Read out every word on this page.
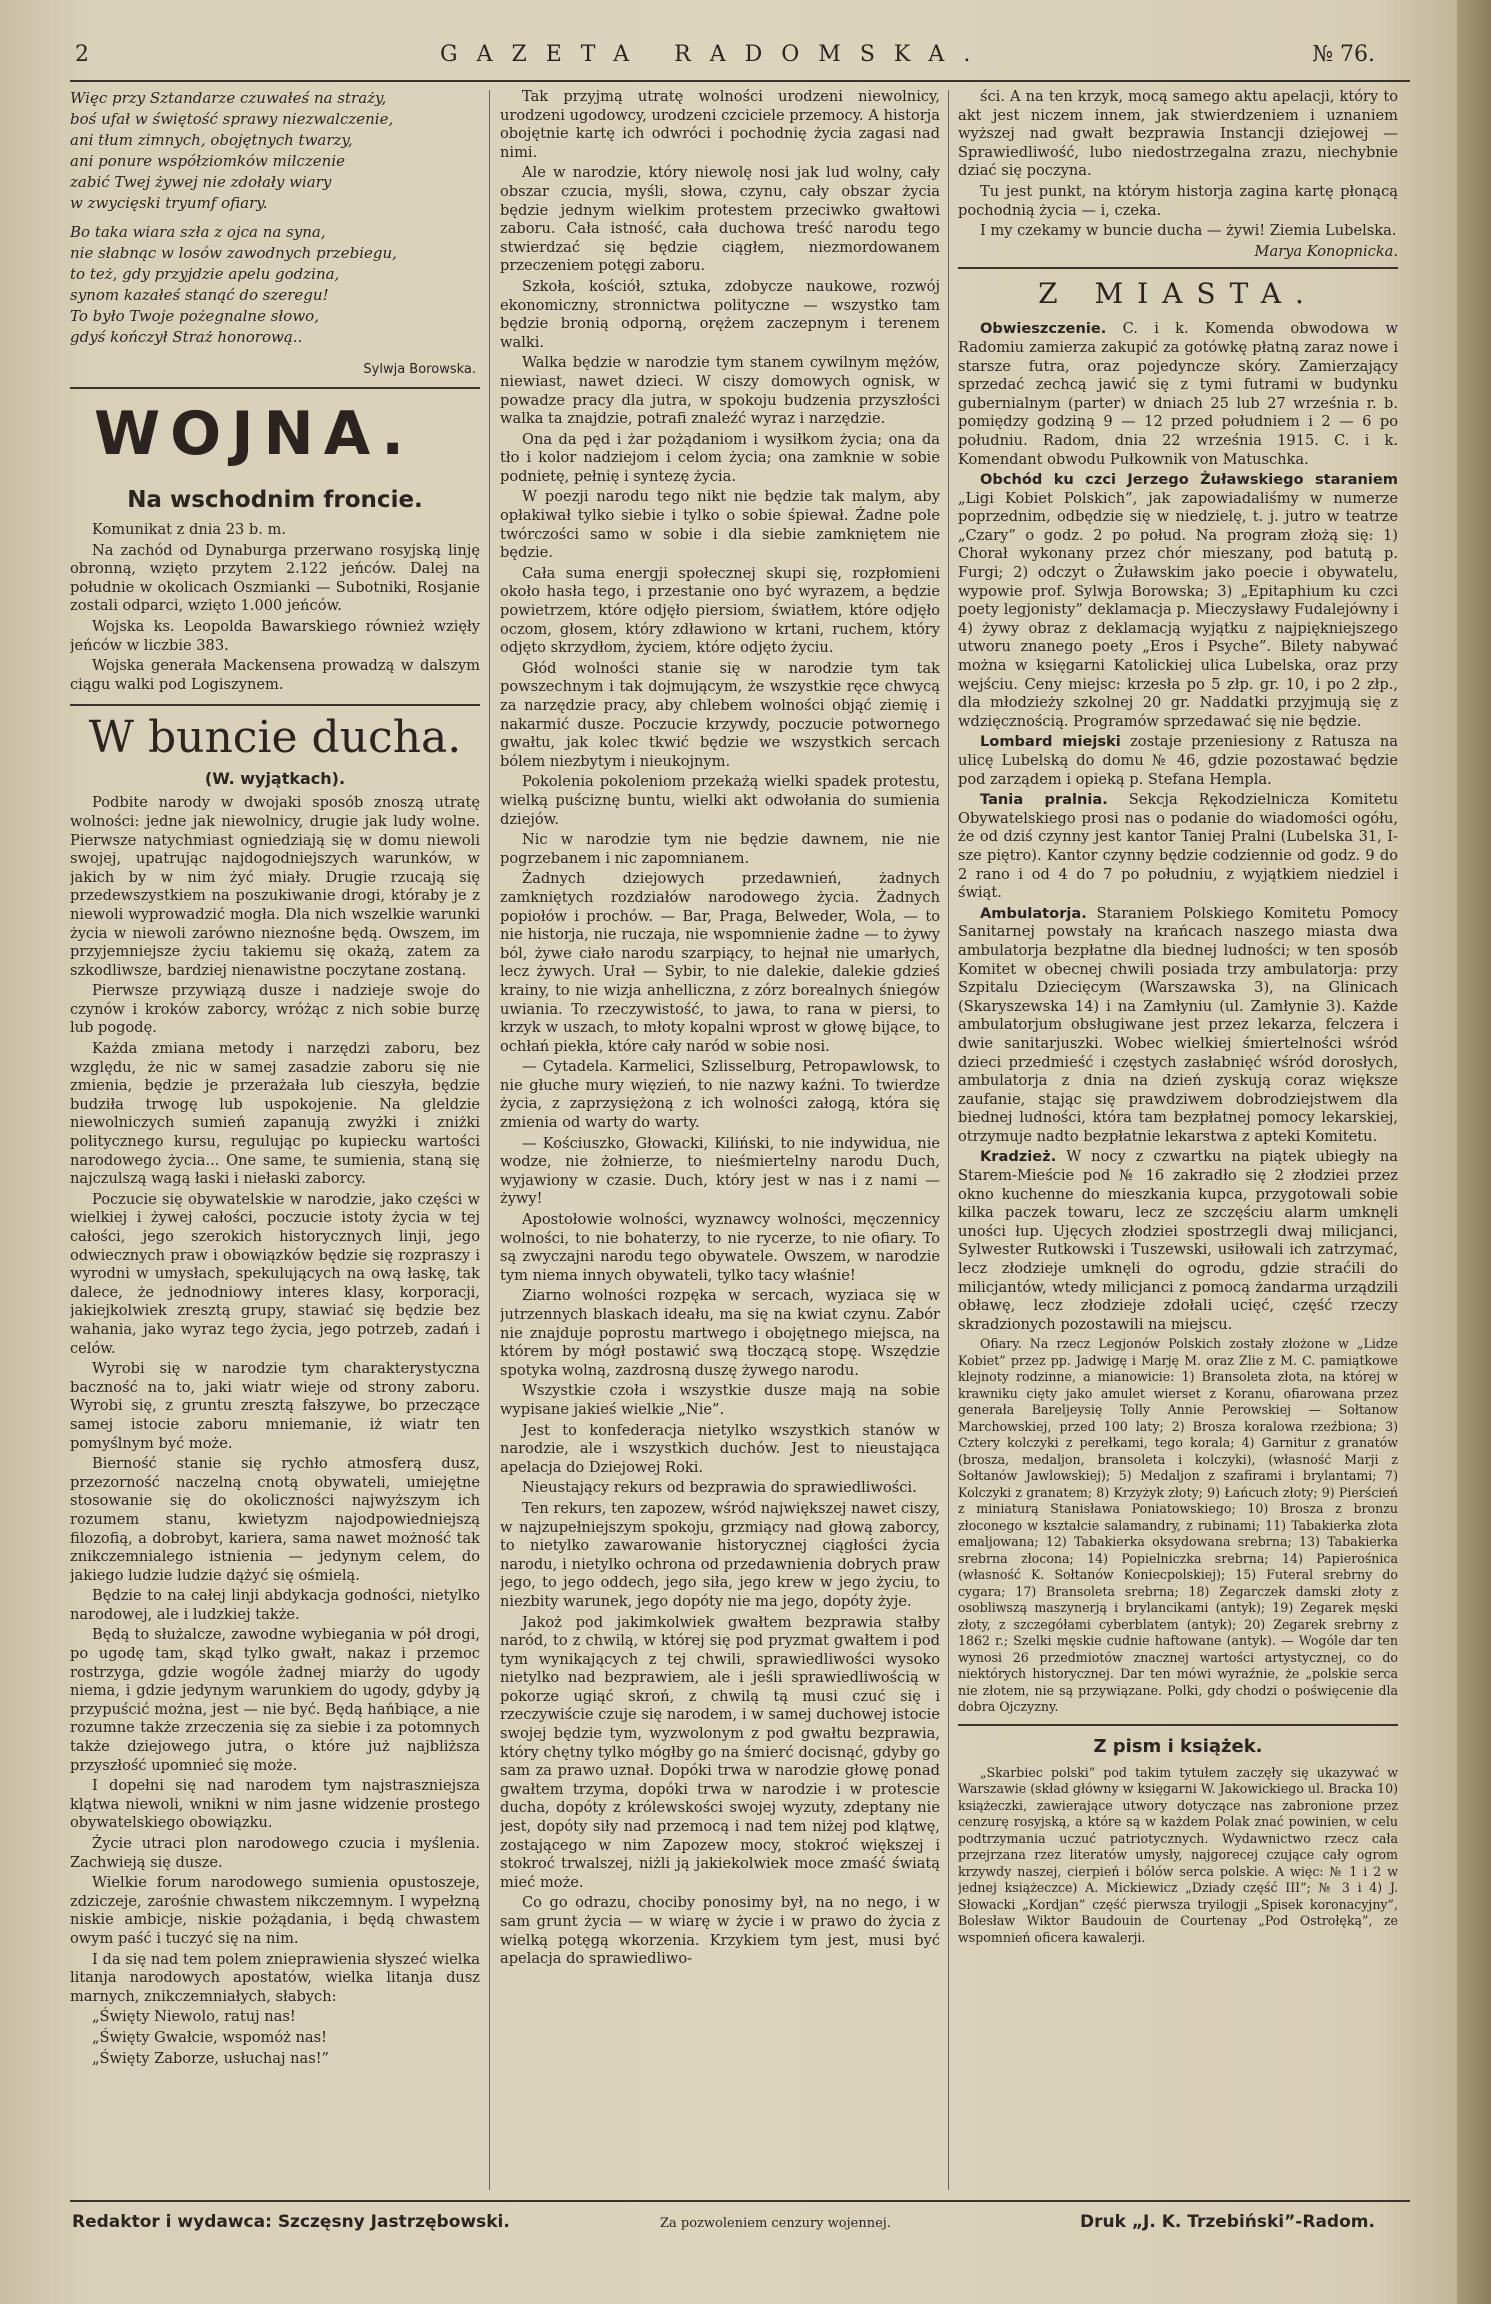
2	GAZETA RADOMSKA.	№ 76.
Więc przy Sztandarze czuwałeś na straży,
boś ufał w świętość sprawy niezwalczenie,
ani tłum zimnych, obojętnych twarzy,
ani ponure współziomków milczenie
zabić Twej żywej nie zdołały wiary
w zwycięski tryumf ofiary.
Bo taka wiara szła z ojca na syna,
nie słabnąc w losów zawodnych przebiegu,
to też, gdy przyjdzie apelu godzina,
synom kazałeś stanąć do szeregu!
To było Twoje pożegnalne słowo,
gdyś kończył Straż honorową..
Sylwja Borowska.
WOJNA.
Na wschodnim froncie.

Komunikat z dnia 23 b. m.

Na zachód od Dynaburga przerwano rosyjską linję obronną, wzięto przytem 2.122 jeńców. Dalej na południe w okolicach Oszmianki — Subotniki, Rosjanie zostali odparci, wzięto 1.000 jeńców.

Wojska ks. Leopolda Bawarskiego również wzięły jeńców w liczbie 383.

Wojska generała Mackensena prowadzą w dalszym ciągu walki pod Logiszynem.

W buncie ducha.
(W. wyjątkach).

Podbite narody w dwojaki sposób znoszą utratę wolności: jedne jak niewolnicy, drugie jak ludy wolne. Pierwsze natychmiast ogniedziają się w domu niewoli swojej, upatrując najdogodniejszych warunków, w jakich by w nim żyć miały. Drugie rzucają się przedewszystkiem na poszukiwanie drogi, któraby je z niewoli wyprowadzić mogła. Dla nich wszelkie warunki życia w niewoli zarówno nieznośne będą. Owszem, im przyjemniejsze życiu takiemu się okażą, zatem za szkodliwsze, bardziej nienawistne poczytane zostaną.

Pierwsze przywiązą dusze i nadzieje swoje do czynów i kroków zaborcy, wróżąc z nich sobie burzę lub pogodę.

Każda zmiana metody i narzędzi zaboru, bez względu, że nic w samej zasadzie zaboru się nie zmienia, będzie je przerażała lub cieszyła, będzie budziła trwogę lub uspokojenie. Na gleldzie niewolniczych sumień zapanują zwyżki i zniżki politycznego kursu, regulując po kupiecku wartości narodowego życia... One same, te sumienia, staną się najczulszą wagą łaski i niełaski zaborcy.

Poczucie się obywatelskie w narodzie, jako części w wielkiej i żywej całości, poczucie istoty życia w tej całości, jego szerokich historycznych linji, jego odwiecznych praw i obowiązków będzie się rozpraszy i wyrodni w umysłach, spekulujących na ową łaskę, tak dalece, że jednodniowy interes klasy, korporacji, jakiejkolwiek zresztą grupy, stawiać się będzie bez wahania, jako wyraz tego życia, jego potrzeb, zadań i celów.

Wyrobi się w narodzie tym charakterystyczna baczność na to, jaki wiatr wieje od strony zaboru. Wyrobi się, z gruntu zresztą fałszywe, bo przeczące samej istocie zaboru mniemanie, iż wiatr ten pomyślnym być może.

Bierność stanie się rychło atmosferą dusz, przezorność naczelną cnotą obywateli, umiejętne stosowanie się do okoliczności najwyższym ich rozumem stanu, kwietyzm najodpowiedniejszą filozofią, a dobrobyt, kariera, sama nawet możność tak znikczemnialego istnienia — jedynym celem, do jakiego ludzie ludzie dążyć się ośmielą.

Będzie to na całej linji abdykacja godności, nietylko narodowej, ale i ludzkiej także.

Będą to służalcze, zawodne wybiegania w pół drogi, po ugodę tam, skąd tylko gwałt, nakaz i przemoc rostrzyga, gdzie wogóle żadnej miarży do ugody niema, i gdzie jedynym warunkiem do ugody, gdyby ją przypuścić można, jest — nie być. Będą hańbiące, a nie rozumne także zrzeczenia się za siebie i za potomnych także dziejowego jutra, o które już najbliższa przyszłość upomnieć się może.

I dopełni się nad narodem tym najstraszniejsza klątwa niewoli, wnikni w nim jasne widzenie prostego obywatelskiego obowiązku.

Życie utraci plon narodowego czucia i myślenia. Zachwieją się dusze.

Wielkie forum narodowego sumienia opustoszeje, zdziczeje, zarośnie chwastem nikczemnym. I wypełzną niskie ambicje, niskie pożądania, i będą chwastem owym paść i tuczyć się na nim.

I da się nad tem polem znieprawienia słyszeć wielka litanja narodowych apostatów, wielka litanja dusz marnych, znikczemniałych, słabych:

„Święty Niewolo, ratuj nas!

„Święty Gwałcie, wspomóż nas!

„Święty Zaborze, usłuchaj nas!”

Tak przyjmą utratę wolności urodzeni niewolnicy, urodzeni ugodowcy, urodzeni czciciele przemocy. A historja obojętnie kartę ich odwróci i pochodnię życia zagasi nad nimi.

Ale w narodzie, który niewolę nosi jak lud wolny, cały obszar czucia, myśli, słowa, czynu, cały obszar życia będzie jednym wielkim protestem przeciwko gwałtowi zaboru. Cała istność, cała duchowa treść narodu tego stwierdzać się będzie ciągłem, niezmordowanem przeczeniem potęgi zaboru.

Szkoła, kościół, sztuka, zdobycze naukowe, rozwój ekonomiczny, stronnictwa polityczne — wszystko tam będzie bronią odporną, orężem zaczepnym i terenem walki.

Walka będzie w narodzie tym stanem cywilnym mężów, niewiast, nawet dzieci. W ciszy domowych ognisk, w powadze pracy dla jutra, w spokoju budzenia przyszłości walka ta znajdzie, potrafi znaleźć wyraz i narzędzie.

Ona da pęd i żar pożądaniom i wysiłkom życia; ona da tło i kolor nadziejom i celom życia; ona zamknie w sobie podnietę, pełnię i syntezę życia.

W poezji narodu tego nikt nie będzie tak malym, aby opłakiwał tylko siebie i tylko o sobie śpiewał. Żadne pole twórczości samo w sobie i dla siebie zamkniętem nie będzie.

Cała suma energji społecznej skupi się, rozpłomieni około hasła tego, i przestanie ono być wyrazem, a będzie powietrzem, które odjęło piersiom, światłem, które odjęło oczom, głosem, który zdławiono w krtani, ruchem, który odjęto skrzydłom, życiem, które odjęto życiu.

Głód wolności stanie się w narodzie tym tak powszechnym i tak dojmującym, że wszystkie ręce chwycą za narzędzie pracy, aby chlebem wolności objąć ziemię i nakarmić dusze. Poczucie krzywdy, poczucie potwornego gwałtu, jak kolec tkwić będzie we wszystkich sercach bólem niezbytym i nieukojnym.

Pokolenia pokoleniom przekażą wielki spadek protestu, wielką puściznę buntu, wielki akt odwołania do sumienia dziejów.

Nic w narodzie tym nie będzie dawnem, nie nie pogrzebanem i nic zapomnianem.

Żadnych dziejowych przedawnień, żadnych zamkniętych rozdziałów narodowego życia. Żadnych popiołów i prochów. — Bar, Praga, Belweder, Wola, — to nie historja, nie ruczaja, nie wspomnienie żadne — to żywy ból, żywe ciało narodu szarpiący, to hejnał nie umarłych, lecz żywych. Urał — Sybir, to nie dalekie, dalekie gdzieś krainy, to nie wizja anhelliczna, z zórz borealnych śniegów uwiania. To rzeczywistość, to jawa, to rana w piersi, to krzyk w uszach, to młoty kopalni wprost w głowę bijące, to ochłań piekła, które cały naród w sobie nosi.

— Cytadela. Karmelici, Szlisselburg, Petropawlowsk, to nie głuche mury więzień, to nie nazwy kaźni. To twierdze życia, z zaprzysiężoną z ich wolności załogą, która się zmienia od warty do warty.

— Kościuszko, Głowacki, Kiliński, to nie indywidua, nie wodze, nie żołnierze, to nieśmiertelny narodu Duch, wyjawiony w czasie. Duch, który jest w nas i z nami — żywy!

Apostołowie wolności, wyznawcy wolności, męczennicy wolności, to nie bohaterzy, to nie rycerze, to nie ofiary. To są zwyczajni narodu tego obywatele. Owszem, w narodzie tym niema innych obywateli, tylko tacy właśnie!

Ziarno wolności rozpęka w sercach, wyziaca się w jutrzennych blaskach ideału, ma się na kwiat czynu. Zabór nie znajduje poprostu martwego i obojętnego miejsca, na którem by mógł postawić swą tłoczącą stopę. Wszędzie spotyka wolną, zazdrosną duszę żywego narodu.

Wszystkie czoła i wszystkie dusze mają na sobie wypisane jakieś wielkie „Nie”.

Jest to konfederacja nietylko wszystkich stanów w narodzie, ale i wszystkich duchów. Jest to nieustająca apelacja do Dziejowej Roki.

Nieustający rekurs od bezprawia do sprawiedliwości.

Ten rekurs, ten zapozew, wśród największej nawet ciszy, w najzupełniejszym spokoju, grzmiący nad głową zaborcy, to nietylko zawarowanie historycznej ciągłości życia narodu, i nietylko ochrona od przedawnienia dobrych praw jego, to jego oddech, jego siła, jego krew w jego życiu, to niezbity warunek, jego dopóty nie ma jego, dopóty żyje.

Jakoż pod jakimkolwiek gwałtem bezprawia stałby naród, to z chwilą, w której się pod pryzmat gwałtem i pod tym wynikających z tej chwili, sprawiedliwości wysoko nietylko nad bezprawiem, ale i jeśli sprawiedliwością w pokorze ugiąć skroń, z chwilą tą musi czuć się i rzeczywiście czuje się narodem, i w samej duchowej istocie swojej będzie tym, wyzwolonym z pod gwałtu bezprawia, który chętny tylko mógłby go na śmierć docisnąć, gdyby go sam za prawo uznał. Dopóki trwa w narodzie głowę ponad gwałtem trzyma, dopóki trwa w narodzie i w protescie ducha, dopóty z królewskości swojej wyzuty, zdeptany nie jest, dopóty siły nad przemocą i nad tem niżej pod klątwę, zostającego w nim Zapozew mocy, stokroć większej i stokroć trwalszej, niżli ją jakiekolwiek moce zmaść światą mieć może.

Co go odrazu, chociby ponosimy był, na no nego, i w sam grunt życia — w wiarę w życie i w prawo do życia z wielką potęgą wkorzenia. Krzykiem tym jest, musi być apelacja do sprawiedliwo-

ści. A na ten krzyk, mocą samego aktu apelacji, który to akt jest niczem innem, jak stwierdzeniem i uznaniem wyższej nad gwałt bezprawia Instancji dziejowej — Sprawiedliwość, lubo niedostrzegalna zrazu, niechybnie dziać się poczyna.

Tu jest punkt, na którym historja zagina kartę płonącą pochodnią życia — i, czeka.

I my czekamy w buncie ducha — żywi! Ziemia Lubelska.

Marya Konopnicka.

Z MIASTA.

Obwieszczenie. C. i k. Komenda obwodowa w Radomiu zamierza zakupić za gotówkę płatną zaraz nowe i starsze futra, oraz pojedyncze skóry. Zamierzający sprzedać zechcą jawić się z tymi futrami w budynku gubernialnym (parter) w dniach 25 lub 27 września r. b. pomiędzy godziną 9 — 12 przed południem i 2 — 6 po południu. Radom, dnia 22 września 1915. C. i k. Komendant obwodu Pułkownik von Matuschka.

Obchód ku czci Jerzego Żuławskiego staraniem „Ligi Kobiet Polskich”, jak zapowiadaliśmy w numerze poprzednim, odbędzie się w niedzielę, t. j. jutro w teatrze „Czary” o godz. 2 po połud. Na program złożą się: 1) Chorał wykonany przez chór mieszany, pod batutą p. Furgi; 2) odczyt o Żuławskim jako poecie i obywatelu, wypowie prof. Sylwja Borowska; 3) „Epitaphium ku czci poety legjonisty” deklamacja p. Mieczysławy Fudalejówny i 4) żywy obraz z deklamacją wyjątku z najpiękniejszego utworu znanego poety „Eros i Psyche”. Bilety nabywać można w księgarni Katolickiej ulica Lubelska, oraz przy wejściu. Ceny miejsc: krzesła po 5 złp. gr. 10, i po 2 złp., dla młodzieży szkolnej 20 gr. Naddatki przyjmują się z wdzięcznością. Programów sprzedawać się nie będzie.

Lombard miejski zostaje przeniesiony z Ratusza na ulicę Lubelską do domu № 46, gdzie pozostawać będzie pod zarządem i opieką p. Stefana Hempla.

Tania pralnia. Sekcja Rękodzielnicza Komitetu Obywatelskiego prosi nas o podanie do wiadomości ogółu, że od dziś czynny jest kantor Taniej Pralni (Lubelska 31, I-sze piętro). Kantor czynny będzie codziennie od godz. 9 do 2 rano i od 4 do 7 po południu, z wyjątkiem niedziel i świąt.

Ambulatorja. Staraniem Polskiego Komitetu Pomocy Sanitarnej powstały na krańcach naszego miasta dwa ambulatorja bezpłatne dla biednej ludności; w ten sposób Komitet w obecnej chwili posiada trzy ambulatorja: przy Szpitalu Dziecięcym (Warszawska 3), na Glinicach (Skaryszewska 14) i na Zamłyniu (ul. Zamłynie 3). Każde ambulatorjum obsługiwane jest przez lekarza, felczera i dwie sanitarjuszki. Wobec wielkiej śmiertelności wśród dzieci przedmieść i częstych zasłabnięć wśród dorosłych, ambulatorja z dnia na dzień zyskują coraz większe zaufanie, stając się prawdziwem dobrodziejstwem dla biednej ludności, która tam bezpłatnej pomocy lekarskiej, otrzymuje nadto bezpłatnie lekarstwa z apteki Komitetu.

Kradzież. W nocy z czwartku na piątek ubiegły na Starem-Mieście pod № 16 zakradło się 2 złodziei przez okno kuchenne do mieszkania kupca, przygotowali sobie kilka paczek towaru, lecz ze szczęściu alarm umknęli uności łup. Ujęcych złodziei spostrzegli dwaj milicjanci, Sylwester Rutkowski i Tuszewski, usiłowali ich zatrzymać, lecz złodzieje umknęli do ogrodu, gdzie straćili do milicjantów, wtedy milicjanci z pomocą żandarma urządzili obławę, lecz złodzieje zdołali ucięć, część rzeczy skradzionych pozostawili na miejscu.

Ofiary. Na rzecz Legjonów Polskich zostały złożone w „Lidze Kobiet” przez pp. Jadwigę i Marję M. oraz Zlie z M. C. pamiątkowe klejnoty rodzinne, a mianowicie: 1) Bransoleta złota, na której w krawniku cięty jako amulet wierset z Koranu, ofiarowana przez generała Bareljeysię Tolly Annie Perowskiej — Sołtanow Marchowskiej, przed 100 laty; 2) Brosza koralowa rzeźbiona; 3) Cztery kolczyki z perełkami, tego korala; 4) Garnitur z granatów (brosza, medaljon, bransoleta i kolczyki), (własność Marji z Sołtanów Jawlowskiej); 5) Medaljon z szafirami i brylantami; 7) Kolczyki z granatem; 8) Krzyżyk złoty; 9) Łańcuch złoty; 9) Pierścień z miniaturą Stanisława Poniatowskiego; 10) Brosza z bronzu złoconego w kształcie salamandry, z rubinami; 11) Tabakierka złota emaljowana; 12) Tabakierka oksydowana srebrna; 13) Tabakierka srebrna złocona; 14) Popielniczka srebrna; 14) Papierośnica (własność K. Sołtanów Koniecpolskiej); 15) Futeral srebrny do cygara; 17) Bransoleta srebrna; 18) Zegarczek damski złoty z osobliwszą maszynerją i brylancikami (antyk); 19) Zegarek męski złoty, z szczegółami cyberblatem (antyk); 20) Zegarek srebrny z 1862 r.; Szelki męskie cudnie haftowane (antyk). — Wogóle dar ten wynosi 26 przedmiotów znacznej wartości artystycznej, co do niektórych historycznej. Dar ten mówi wyraźnie, że „polskie serca nie złotem, nie są przywiązane. Polki, gdy chodzi o poświęcenie dla dobra Ojczyzny.

Z pism i książek.

„Skarbiec polski” pod takim tytułem zaczęły się ukazywać w Warszawie (skład główny w księgarni W. Jakowickiego ul. Bracka 10) książeczki, zawierające utwory dotyczące nas zabronione przez cenzurę rosyjską, a które są w każdem Polak znać powinien, w celu podtrzymania uczuć patriotycznych. Wydawnictwo rzecz cała przejrzana rzez literatów umysły, najgorecej czujące cały ogrom krzywdy naszej, cierpień i bólów serca polskie. A więc: № 1 i 2 w jednej książeczce) A. Mickiewicz „Dziady część III”; № 3 i 4) J. Słowacki „Kordjan” część pierwsza tryilogji „Spisek koronacyjny”, Bolesław Wiktor Baudouin de Courtenay „Pod Ostrołęką”, ze wspomnień oficera kawalerji.

Redaktor i wydawca: Szczęsny Jastrzębowski.	Za pozwoleniem cenzury wojennej.	Druk „J. K. Trzebiński”-Radom.
